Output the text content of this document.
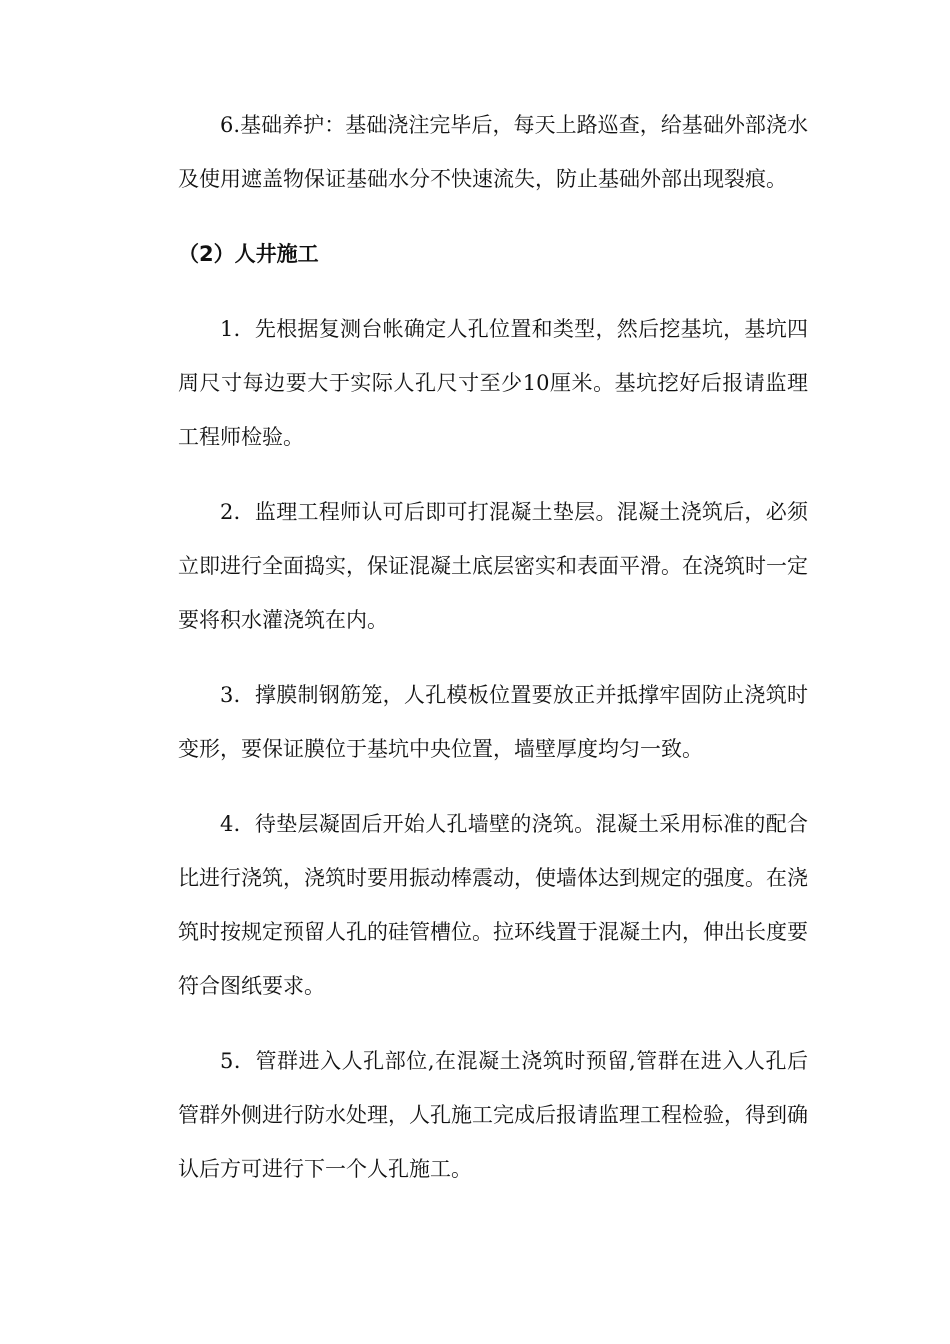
6.基础养护：基础浇注完毕后，每天上路巡查，给基础外部浇水及使用遮盖物保证基础水分不快速流失，防止基础外部出现裂痕。

（2）人井施工

1．先根据复测台帐确定人孔位置和类型，然后挖基坑，基坑四周尺寸每边要大于实际人孔尺寸至少10厘米。基坑挖好后报请监理工程师检验。

2．监理工程师认可后即可打混凝土垫层。混凝土浇筑后，必须立即进行全面捣实，保证混凝土底层密实和表面平滑。在浇筑时一定要将积水灌浇筑在内。

3．撑膜制钢筋笼，人孔模板位置要放正并抵撑牢固防止浇筑时变形，要保证膜位于基坑中央位置，墙壁厚度均匀一致。

4．待垫层凝固后开始人孔墙壁的浇筑。混凝土采用标准的配合比进行浇筑，浇筑时要用振动棒震动，使墙体达到规定的强度。在浇筑时按规定预留人孔的硅管槽位。拉环线置于混凝土内，伸出长度要符合图纸要求。

5．管群进入人孔部位,在混凝土浇筑时预留,管群在进入人孔后管群外侧进行防水处理，人孔施工完成后报请监理工程检验，得到确认后方可进行下一个人孔施工。
